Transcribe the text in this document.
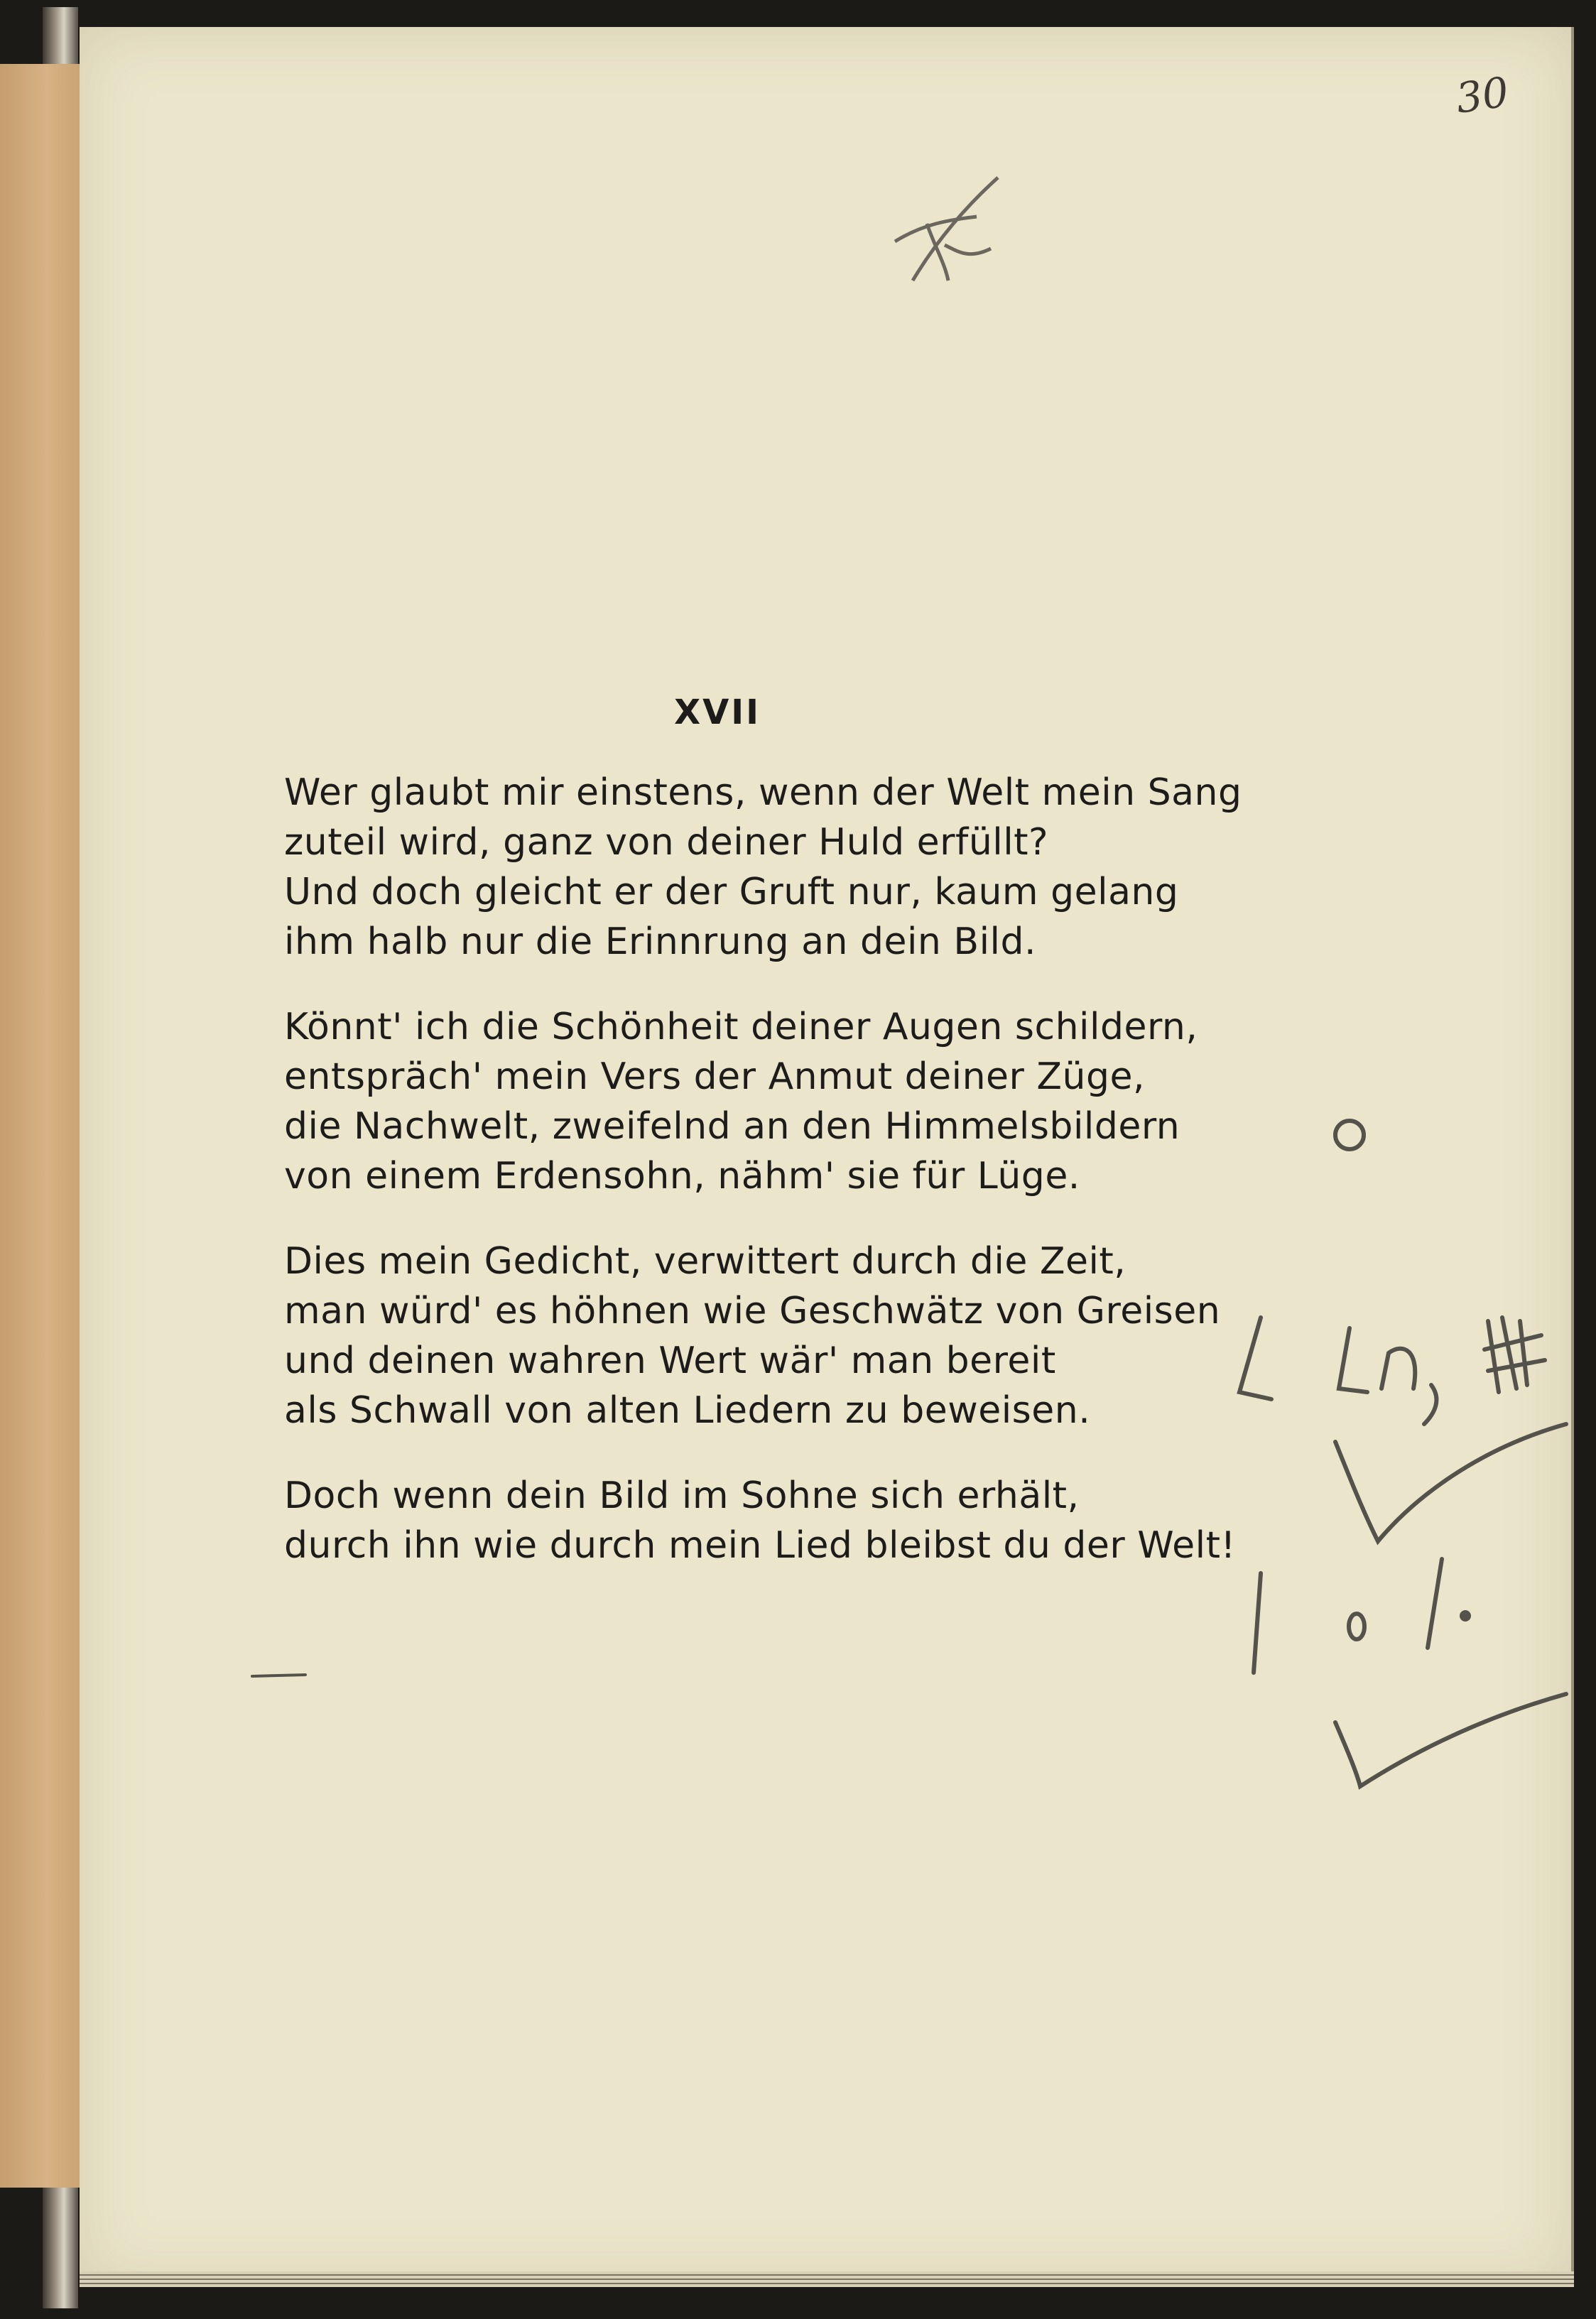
30
XVII
Wer glaubt mir einstens, wenn der Welt mein Sang
zuteil wird, ganz von deiner Huld erfüllt?
Und doch gleicht er der Gruft nur, kaum gelang
ihm halb nur die Erinnrung an dein Bild.
Könnt' ich die Schönheit deiner Augen schildern,
entspräch' mein Vers der Anmut deiner Züge,
die Nachwelt, zweifelnd an den Himmelsbildern
von einem Erdensohn, nähm' sie für Lüge.
Dies mein Gedicht, verwittert durch die Zeit,
man würd' es höhnen wie Geschwätz von Greisen
und deinen wahren Wert wär' man bereit
als Schwall von alten Liedern zu beweisen.
Doch wenn dein Bild im Sohne sich erhält,
durch ihn wie durch mein Lied bleibst du der Welt!
